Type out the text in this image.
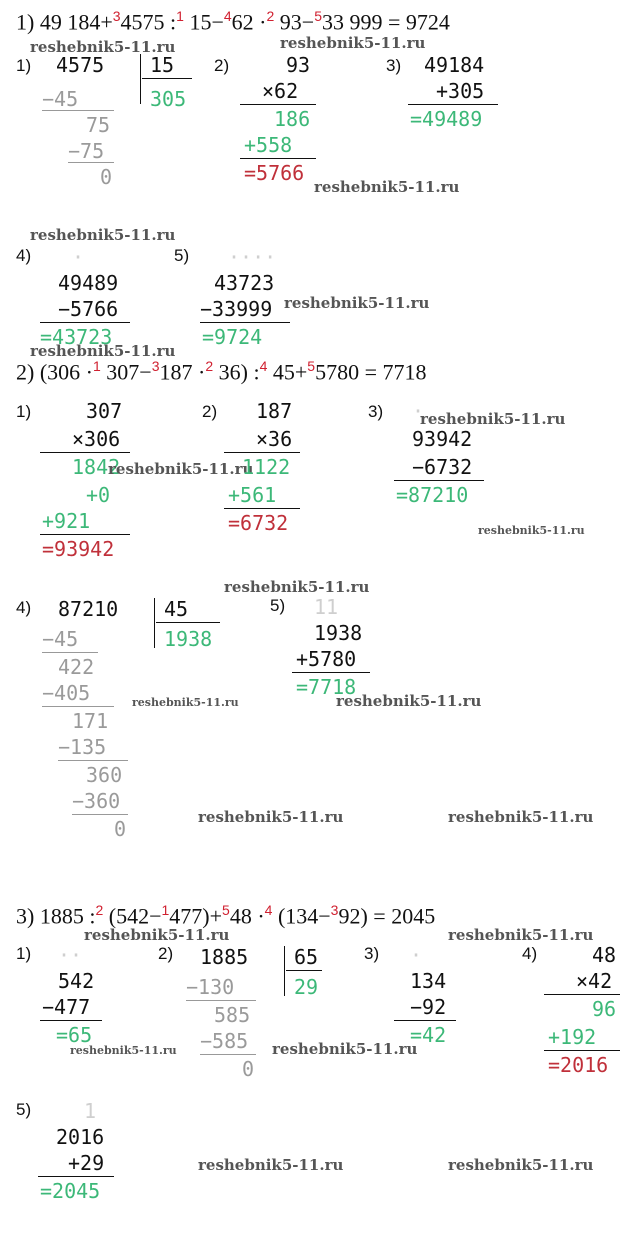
1) 49 184+$^3$4575 :$^1$ 15−$^4$62 ·$^2$ 93−$^5$33 999 = 9724
reshebnik5-11.ru	reshebnik5-11.ru
1) 4575 15
305
−45
75
−75
0
2)	93
×62
186
+558
=5766
reshebnik5-11.ru
3) 49184
+305
=49489
reshebnik5-11.ru
4) ·
49489
−5766
=43723
5) ····
43723
−33999
=9724
reshebnik5-11.ru
reshebnik5-11.ru
2) (306 ·$^1$ 307−$^3$187 ·$^2$ 36) :$^4$ 45+$^5$5780 = 7718
1)	307
×306
1842
+0
+921
=93942
reshebnik5-11.ru
2) 187
×36
1122
+561
=6732
3) ·
reshebnik5-11.ru
93942
−6732
=87210
reshebnik5-11.ru
reshebnik5-11.ru
4) 87210 45
1938
−45
422
−405
171
−135
360
−360
0
reshebnik5-11.ru
reshebnik5-11.ru	reshebnik5-11.ru
5) 11
1938
+5780
=7718
reshebnik5-11.ru
3) 1885 :$^2$ (542−$^1$477)+$^5$48 ·$^4$ (134−$^3$92) = 2045
reshebnik5-11.ru	reshebnik5-11.ru
1) ··
542
−477
=65
reshebnik5-11.ru
2) 1885 65
29
−130
585
−585
0
reshebnik5-11.ru
3) ·
134
−92
=42
4)	48
×42
96
+192
=2016
5)	1
2016
+29
=2045
reshebnik5-11.ru	reshebnik5-11.ru
